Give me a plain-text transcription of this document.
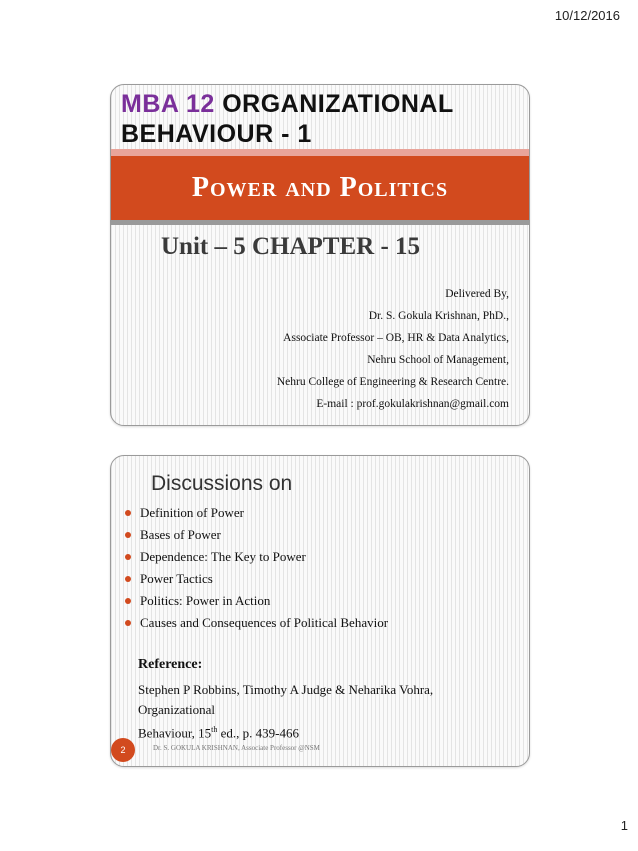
10/12/2016
MBA 12 ORGANIZATIONAL BEHAVIOUR - 1
Power and Politics
Unit – 5 CHAPTER - 15
Delivered By,
Dr. S. Gokula Krishnan, PhD.,
Associate Professor – OB, HR & Data Analytics,
Nehru School of Management,
Nehru College of Engineering & Research Centre.
E-mail : prof.gokulakrishnan@gmail.com
Discussions on
Definition of Power
Bases of Power
Dependence: The Key to Power
Power Tactics
Politics: Power in Action
Causes and Consequences of Political Behavior
Reference:
Stephen P Robbins, Timothy A Judge & Neharika Vohra, Organizational
Behaviour, 15th ed., p. 439-466
2	Dr. S. GOKULA KRISHNAN, Associate Professor @NSM
1
